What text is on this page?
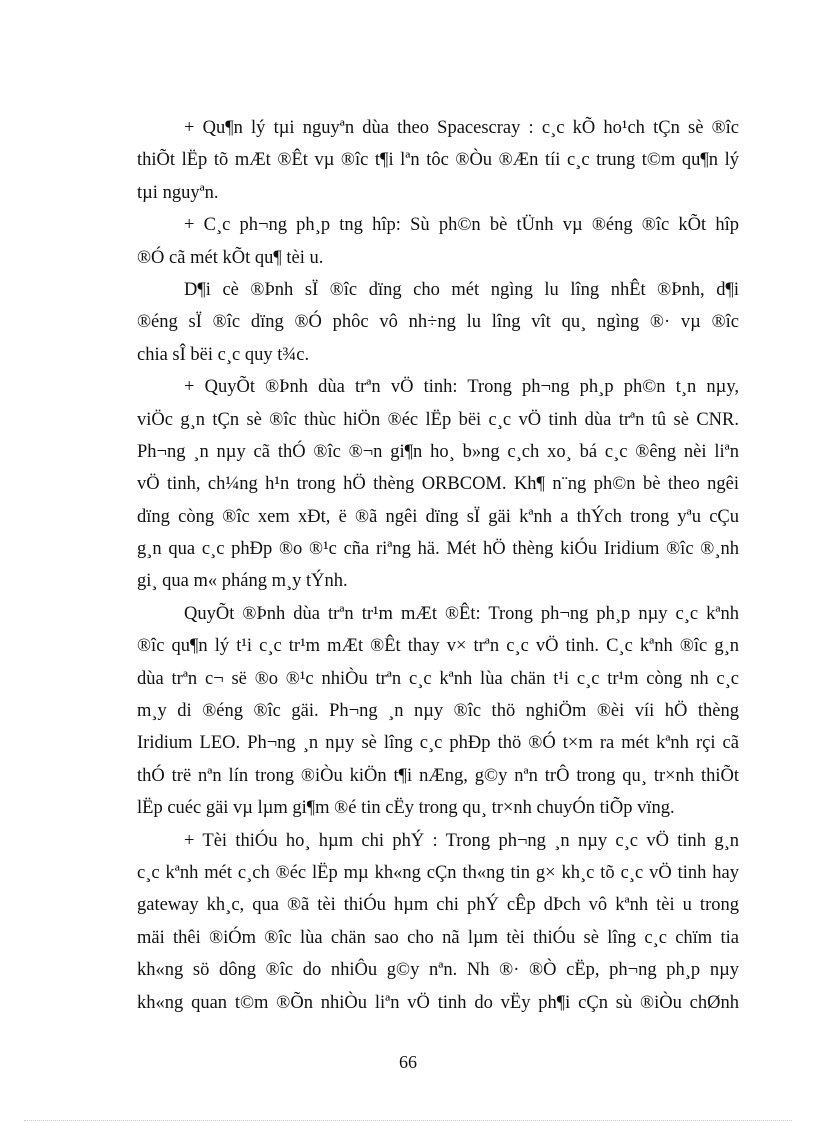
+ Qu¶n lý tµi nguyªn dùa theo Spacescray : c¸c kÕ ho¹ch tÇn sè ®îc
thiÕt lËp tõ mÆt ®Êt vµ ®îc t¶i lªn tôc ®Òu ®Æn tíi c¸c trung t©m qu¶n lý
tµi nguyªn.
+ C¸c ph¬ng ph¸p tng hîp: Sù ph©n bè tÜnh vµ ®éng ®îc kÕt hîp
®Ó cã mét kÕt qu¶ tèi u.
D¶i cè ®Þnh sÏ ®îc dïng cho mét ngìng lu lîng nhÊt ®Þnh, d¶i
®éng sÏ ®îc dïng ®Ó phôc vô nh÷ng lu lîng vît qu¸ ngìng ®· vµ ®îc
chia sÎ bëi c¸c quy t¾c.
+ QuyÕt ®Þnh dùa trªn vÖ tinh: Trong ph¬ng ph¸p ph©n t¸n nµy,
viÖc g¸n tÇn sè ®îc thùc hiÖn ®éc lËp bëi c¸c vÖ tinh dùa trªn tû sè CNR.
Ph¬ng ¸n nµy cã thÓ ®îc ®¬n gi¶n ho¸ b»ng c¸ch xo¸ bá c¸c ®êng nèi liªn
vÖ tinh, ch¼ng h¹n trong hÖ thèng ORBCOM. Kh¶ n¨ng ph©n bè theo ngêi
dïng còng ®îc xem xÐt, ë ®ã ngêi dïng sÏ gäi kªnh a thÝch trong yªu cÇu
g¸n qua c¸c phÐp ®o ®¹c cña riªng hä. Mét hÖ thèng kiÓu Iridium ®îc ®¸nh
gi¸ qua m« pháng m¸y tÝnh.
QuyÕt ®Þnh dùa trªn tr¹m mÆt ®Êt: Trong ph¬ng ph¸p nµy c¸c kªnh
®îc qu¶n lý t¹i c¸c tr¹m mÆt ®Êt thay v× trªn c¸c vÖ tinh. C¸c kªnh ®îc g¸n
dùa trªn c¬ së ®o ®¹c nhiÒu trªn c¸c kªnh lùa chän t¹i c¸c tr¹m còng nh c¸c
m¸y di ®éng ®îc gäi. Ph¬ng ¸n nµy ®îc thö nghiÖm ®èi víi hÖ thèng
Iridium LEO. Ph¬ng ¸n nµy sè lîng c¸c phÐp thö ®Ó t×m ra mét kªnh rçi cã
thÓ trë nªn lín trong ®iÒu kiÖn t¶i nÆng, g©y nªn trÔ trong qu¸ tr×nh thiÕt
lËp cuéc gäi vµ lµm gi¶m ®é tin cËy trong qu¸ tr×nh chuyÓn tiÕp vïng.
+ Tèi thiÓu ho¸ hµm chi phÝ : Trong ph¬ng ¸n nµy c¸c vÖ tinh g¸n
c¸c kªnh mét c¸ch ®éc lËp mµ kh«ng cÇn th«ng tin g× kh¸c tõ c¸c vÖ tinh hay
gateway kh¸c, qua ®ã tèi thiÓu hµm chi phÝ cÊp dÞch vô kªnh tèi u trong
mäi thêi ®iÓm ®îc lùa chän sao cho nã lµm tèi thiÓu sè lîng c¸c chïm tia
kh«ng sö dông ®îc do nhiÔu g©y nªn. Nh ®· ®Ò cËp, ph¬ng ph¸p nµy
kh«ng quan t©m ®Õn nhiÒu liªn vÖ tinh do vËy ph¶i cÇn sù ®iÒu chØnh
66
